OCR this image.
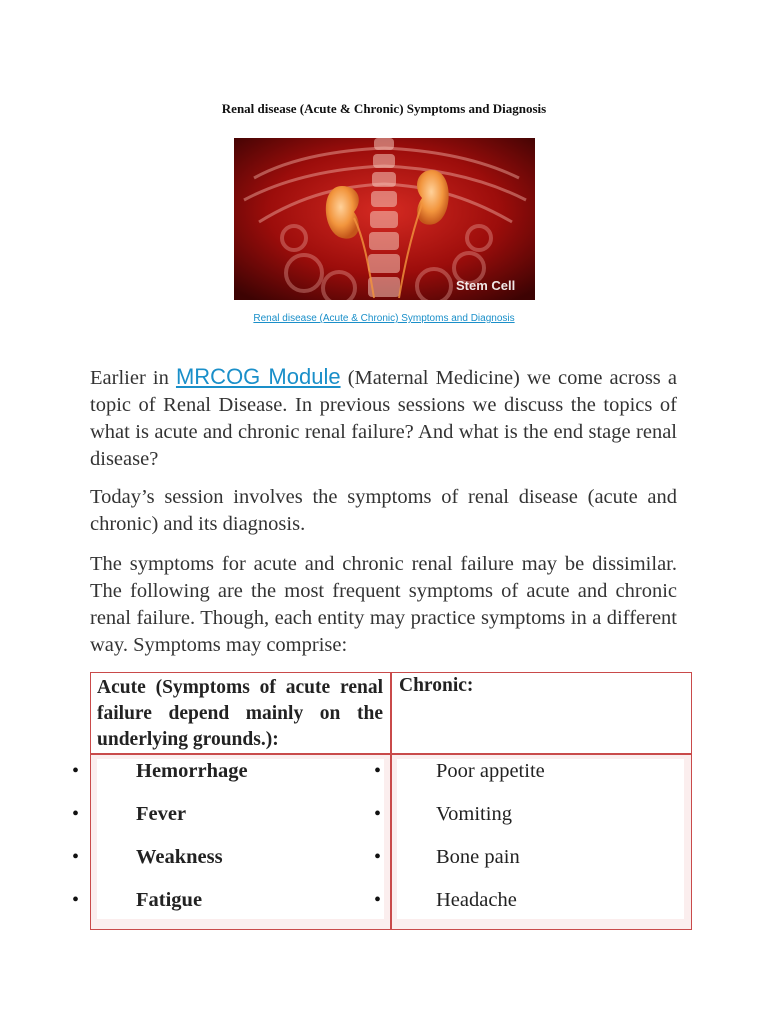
Renal disease (Acute & Chronic) Symptoms and Diagnosis
Stem Cell
Renal disease (Acute & Chronic) Symptoms and Diagnosis
Earlier in MRCOG Module (Maternal Medicine) we come across a topic of Renal Disease. In previous sessions we discuss the topics of what is acute and chronic renal failure? And what is the end stage renal disease?
Today’s session involves the symptoms of renal disease (acute and chronic) and its diagnosis.
The symptoms for acute and chronic renal failure may be dissimilar. The following are the most frequent symptoms of acute and chronic renal failure. Though, each entity may practice symptoms in a different way. Symptoms may comprise:
Acute (Symptoms of acute renal failure depend mainly on the underlying grounds.):
Chronic:
•
•
•
•
Hemorrhage
Fever
Weakness
Fatigue
•
•
•
•
Poor appetite
Vomiting
Bone pain
Headache
